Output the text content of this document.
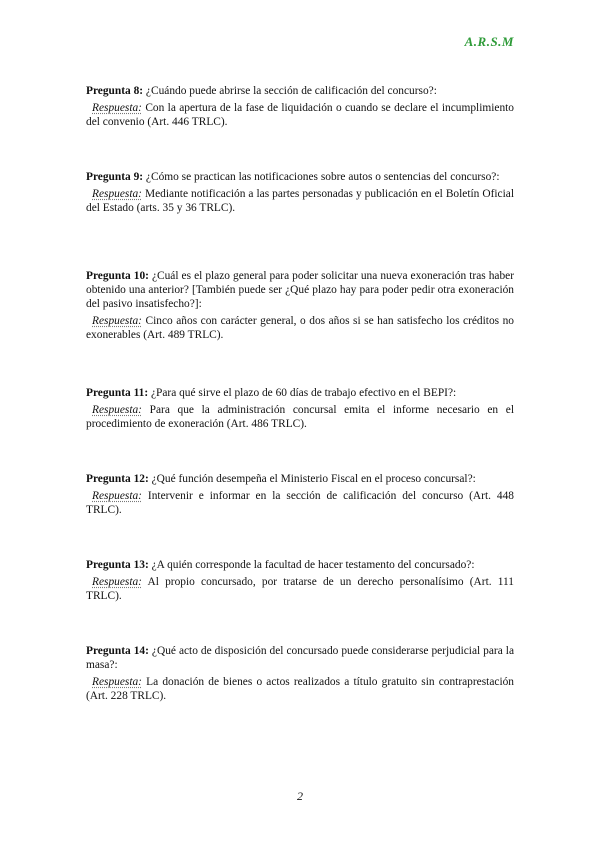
A.R.S.M

Pregunta 8: ¿Cuándo puede abrirse la sección de calificación del concurso?:

Respuesta: Con la apertura de la fase de liquidación o cuando se declare el incumplimiento del convenio (Art. 446 TRLC).

Pregunta 9: ¿Cómo se practican las notificaciones sobre autos o sentencias del concurso?:

Respuesta: Mediante notificación a las partes personadas y publicación en el Boletín Oficial del Estado (arts. 35 y 36 TRLC).

Pregunta 10: ¿Cuál es el plazo general para poder solicitar una nueva exoneración tras haber obtenido una anterior? [También puede ser ¿Qué plazo hay para poder pedir otra exoneración del pasivo insatisfecho?]:

Respuesta: Cinco años con carácter general, o dos años si se han satisfecho los créditos no exonerables (Art. 489 TRLC).

Pregunta 11: ¿Para qué sirve el plazo de 60 días de trabajo efectivo en el BEPI?:

Respuesta: Para que la administración concursal emita el informe necesario en el procedimiento de exoneración (Art. 486 TRLC).

Pregunta 12: ¿Qué función desempeña el Ministerio Fiscal en el proceso concursal?:

Respuesta: Intervenir e informar en la sección de calificación del concurso (Art. 448 TRLC).

Pregunta 13: ¿A quién corresponde la facultad de hacer testamento del concursado?:

Respuesta: Al propio concursado, por tratarse de un derecho personalísimo (Art. 111 TRLC).

Pregunta 14: ¿Qué acto de disposición del concursado puede considerarse perjudicial para la masa?:

Respuesta: La donación de bienes o actos realizados a título gratuito sin contraprestación (Art. 228 TRLC).

2
